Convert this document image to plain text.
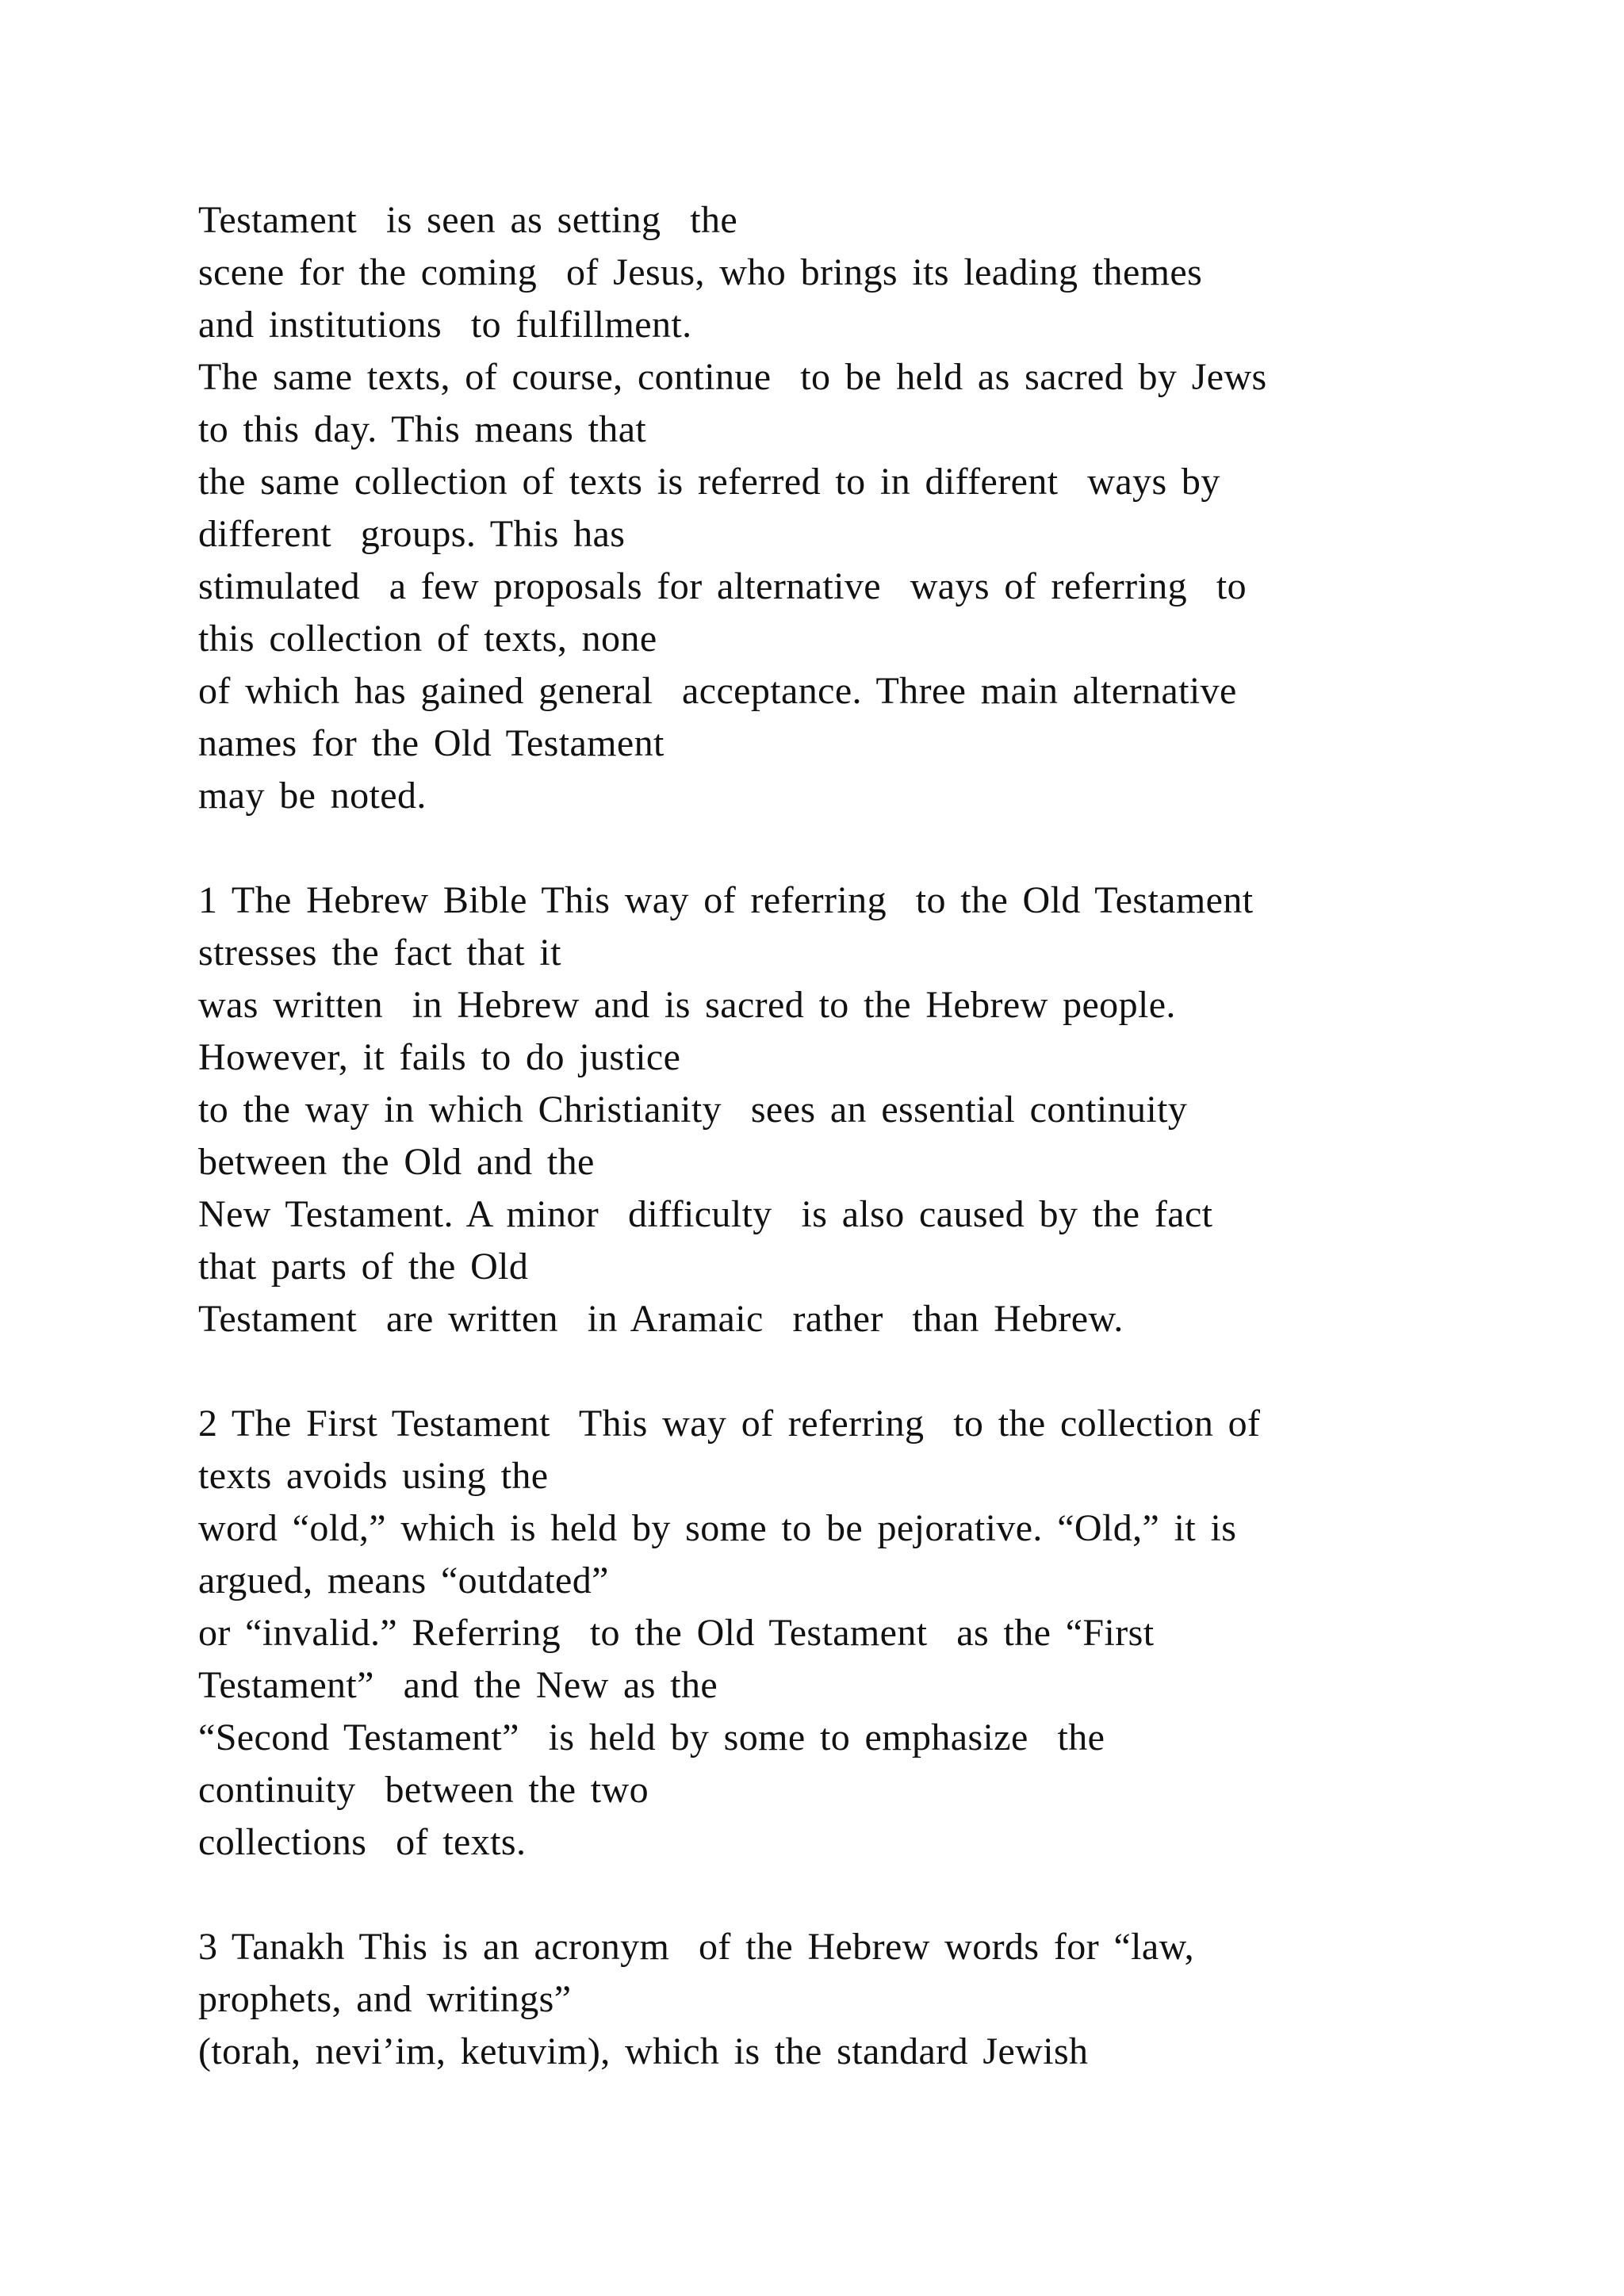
Testament  is seen as setting  the
scene for the coming  of Jesus, who brings its leading themes
and institutions  to fulfillment.
The same texts, of course, continue  to be held as sacred by Jews
to this day. This means that
the same collection of texts is referred to in different  ways by
different  groups. This has
stimulated  a few proposals for alternative  ways of referring  to
this collection of texts, none
of which has gained general  acceptance. Three main alternative
names for the Old Testament
may be noted.
1 The Hebrew Bible This way of referring  to the Old Testament
stresses the fact that it
was written  in Hebrew and is sacred to the Hebrew people.
However, it fails to do justice
to the way in which Christianity  sees an essential continuity
between the Old and the
New Testament. A minor  difficulty  is also caused by the fact
that parts of the Old
Testament  are written  in Aramaic  rather  than Hebrew.
2 The First Testament  This way of referring  to the collection of
texts avoids using the
word “old,” which is held by some to be pejorative. “Old,” it is
argued, means “outdated”
or “invalid.” Referring  to the Old Testament  as the “First
Testament”  and the New as the
“Second Testament”  is held by some to emphasize  the
continuity  between the two
collections  of texts.
3 Tanakh This is an acronym  of the Hebrew words for “law,
prophets, and writings”
(torah, nevi’im, ketuvim), which is the standard Jewish
